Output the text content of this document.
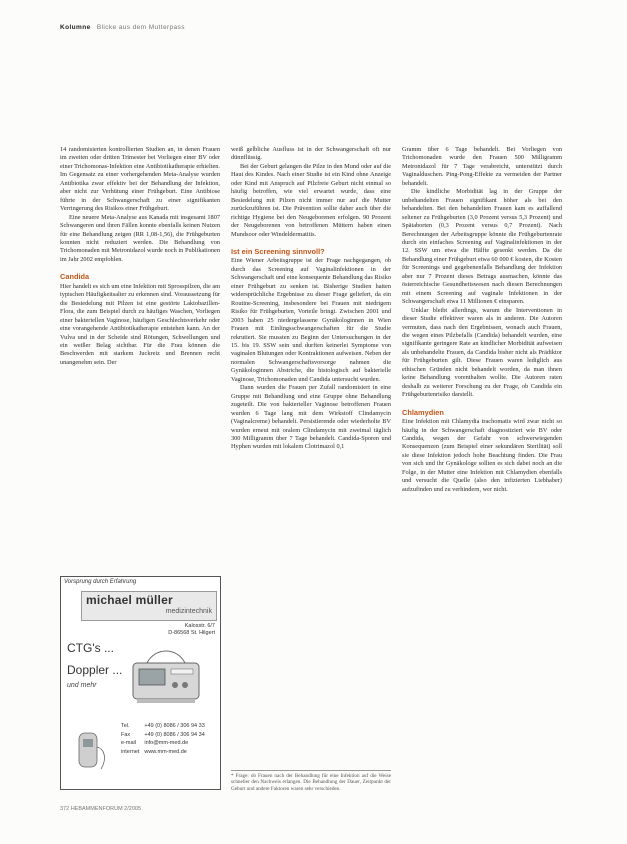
Kolumne Blicke aus dem Mutterpass

14 randomisierten kontrollierten Studien an, in denen Frauen im zweiten oder dritten Trimester bei Vorliegen einer BV oder einer Trichomonas-Infektion eine Antibiotikatherapie erhielten. Im Gegensatz zu einer vorhergehenden Meta-Analyse wurden Antibiotika zwar effektiv bei der Behandlung der Infektion, aber nicht zur Verhütung einer Frühgeburt. Eine Antibiose führte in der Schwangerschaft zu einer signifikanten Verringerung des Risikos einer Frühgeburt.

Eine neuere Meta-Analyse aus Kanada mit insgesamt 1807 Schwangeren und ihren Fällen konnte ebenfalls keinen Nutzen für eine Behandlung zeigen (RR 1,08-1,56), die Frühgeburten konnten nicht reduziert werden. Die Behandlung von Trichomonaden mit Metronidazol wurde noch in Publikationen im Jahr 2002 empfohlen.

Candida

Hier handelt es sich um eine Infektion mit Sprosspilzen, die am typischen Häufigkeitsalter zu erkennen sind. Voraussetzung für die Besiedelung mit Pilzen ist eine gestörte Laktobazillen-Flora, die zum Beispiel durch zu häufiges Waschen, Vorliegen einer bakteriellen Vaginose, häufigen Geschlechtsverkehr oder eine vorangehende Antibiotikatherapie entstehen kann. An der Vulva und in der Scheide sind Rötungen, Schwellungen und ein weißer Belag sichtbar. Für die Frau können die Beschwerden mit starkem Juckreiz und Brennen recht unangenehm sein. Der

weiß gelbliche Ausfluss ist in der Schwangerschaft oft nur dünnflüssig.

Bei der Geburt gelangen die Pilze in den Mund oder auf die Haut des Kindes. Nach einer Studie ist ein Kind ohne Anzeige oder Kind mit Anspruch auf Pilzfreie Geburt nicht einmal so häufig betroffen, wie viel erwartet wurde, dass eine Besiedelung mit Pilzen nicht immer nur auf die Mutter zurückzuführen ist. Die Prävention sollte daher auch über die richtige Hygiene bei den Neugeborenen erfolgen. 90 Prozent der Neugeborenen von betroffenen Müttern haben einen Mundsoor oder Windeldermatitis.

Ist ein Screening sinnvoll?

Eine Wiener Arbeitsgruppe ist der Frage nachgegangen, ob durch das Screening auf Vaginalinfektionen in der Schwangerschaft und eine konsequente Behandlung das Risiko einer Frühgeburt zu senken ist. Bisherige Studien hatten widersprüchliche Ergebnisse zu dieser Frage geliefert, da ein Routine-Screening, insbesondere bei Frauen mit niedrigem Risiko für Frühgeburten, Vorteile bringt. Zwischen 2001 und 2003 haben 25 niedergelassene Gynäkologinnen in Wien Frauen mit Einlingsschwangerschaften für die Studie rekrutiert. Sie mussten zu Beginn der Untersuchungen in der 15. bis 19. SSW sein und durften keinerlei Symptome von vaginalen Blutungen oder Kontraktionen aufweisen. Neben der normalen Schwangerschaftsvorsorge nahmen die Gynäkologinnen Abstriche, die histologisch auf bakterielle Vaginose, Trichomonaden und Candida untersucht wurden.

Dann wurden die Frauen per Zufall randomisiert in eine Gruppe mit Behandlung und eine Gruppe ohne Behandlung zugeteilt. Die von bakterieller Vaginose betroffenen Frauen wurden 6 Tage lang mit dem Wirkstoff Clindamycin (Vaginalcreme) behandelt. Persistierende oder wiederholte BV wurden erneut mit oralem Clindamycin mit zweimal täglich 300 Milligramm über 7 Tage behandelt. Candida-Sporen und Hyphen wurden mit lokalem Clotrimazol 0,1

* Frage: ob Frauen nach der Behandlung für eine Infektion auf die Weise schneller den Nachweis erlangen. Die Behandlung der Dauer, Zeitpunkt der Geburt und andere Faktoren waren sehr verschieden.

Gramm über 6 Tage behandelt. Bei Vorliegen von Trichomonaden wurde den Frauen 500 Milligramm Metronidazol für 7 Tage verabreicht, unterstützt durch Vaginalduschen. Ping-Pong-Effekte zu vermeiden der Partner behandelt.

Die kindliche Morbidität lag in der Gruppe der unbehandelten Frauen signifikant höher als bei den behandelten. Bei den behandelten Frauen kam es auffallend seltener zu Frühgeburten (3,0 Prozent versus 5,3 Prozent) und Spätaborten (0,3 Prozent versus 0,7 Prozent). Nach Berechnungen der Arbeitsgruppe könnte die Frühgeburtenrate durch ein einfaches Screening auf Vaginalinfektionen in der 12. SSW um etwa die Hälfte gesenkt werden. Da die Behandlung einer Frühgeburt etwa 60 000 € kosten, die Kosten für Screenings und gegebenenfalls Behandlung der Infektion aber nur 7 Prozent dieses Betrags ausmachen, könnte das österreichische Gesundheitswesen nach diesen Berechnungen mit einem Screening auf vaginale Infektionen in der Schwangerschaft etwa 11 Millionen € einsparen.

Unklar bleibt allerdings, warum die Interventionen in dieser Studie effektiver waren als in anderen. Die Autoren vermuten, dass nach den Ergebnissen, wonach auch Frauen, die wegen eines Pilzbefalls (Candida) behandelt wurden, eine signifikante geringere Rate an kindlicher Morbidität aufweisen als unbehandelte Frauen, da Candida bisher nicht als Prädiktor für Frühgeburten gilt. Diese Frauen waren lediglich aus ethischen Gründen nicht behandelt worden, da man ihnen keine Behandlung vorenthalten wollte. Die Autoren raten deshalb zu weiterer Forschung zu der Frage, ob Candida ein Frühgeburtenrisiko darstellt.

Chlamydien

Eine Infektion mit Chlamydia trachomatis wird zwar nicht so häufig in der Schwangerschaft diagnostiziert wie BV oder Candida, wegen der Gefahr von schwerwiegenden Konsequenzen (zum Beispiel einer sekundären Sterilität) soll sie diese Infektion jedoch hohe Beachtung finden. Die Frau von sich und ihr Gynäkologe sollten es sich dabei noch an die Folge, in der Mutter eine Infektion mit Chlamydien ebenfalls und versucht die Quelle (also den infizierten Liebhaber) aufzufinden und zu verhindern, wer nicht.

Vorsprung durch Erfahrung
michael müller
medizintechnik
Kalosstr. 6/7
D-86568 St. Hilgert
CTG's ...
Doppler ...
und mehr
Tel.	+49 (0) 8086 / 306 94 33
Fax	+49 (0) 8086 / 306 94 34
e-mail	info@mm-med.de
internet	www.mm-med.de
372 HEBAMMENFORUM 2/2005
